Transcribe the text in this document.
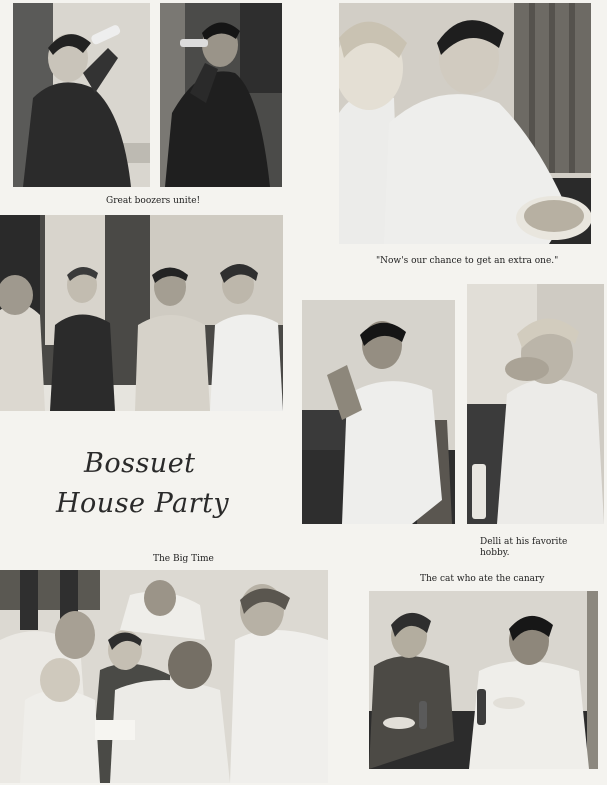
Great boozers unite!
"Now's our chance to get an extra one."
Bossuet
House Party
The Big Time
Delli at his favorite
hobby.
The cat who ate the canary
